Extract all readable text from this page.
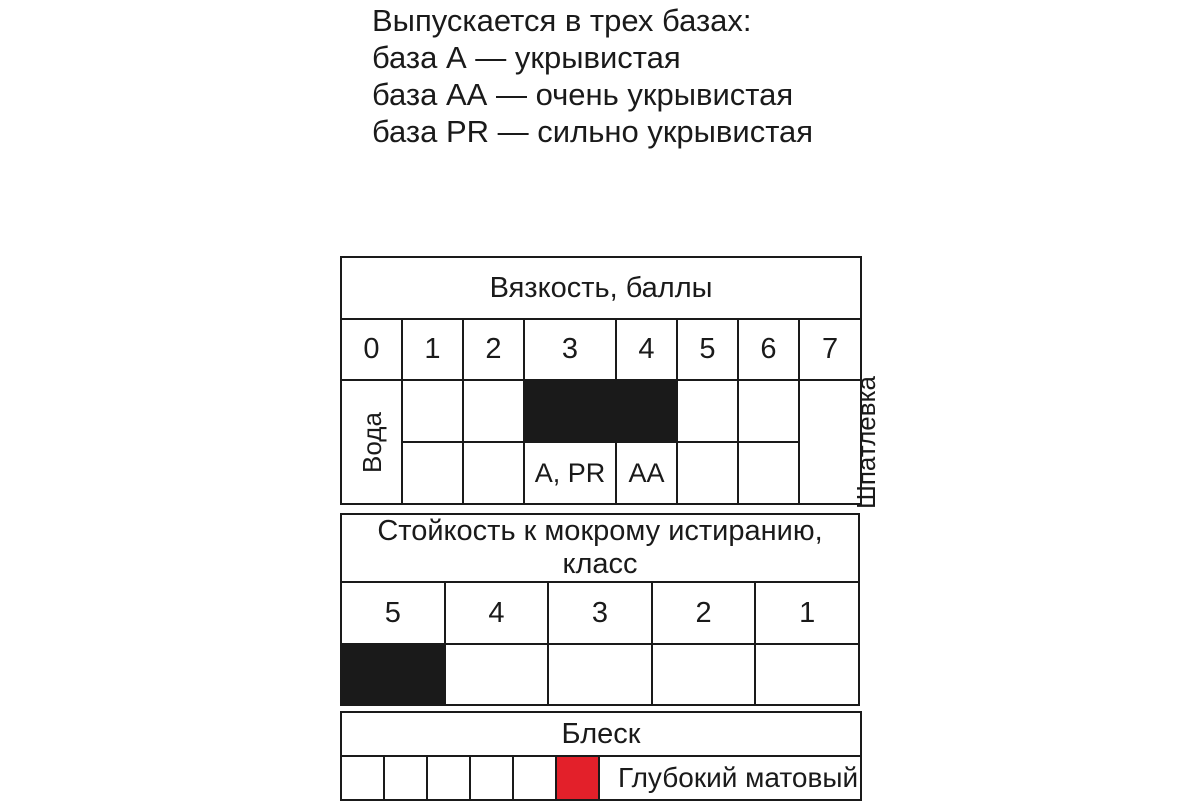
Выпускается в трех базах:
база А — укрывистая
база АА — очень укрывистая
база PR — сильно укрывистая
Вязкость, баллы							
0	1	2	3	4	5	6	7
Вода							Шпатлевка
			А, PR	АА			
Стойкость к мокрому истиранию, класс				
5	4	3	2	1

Блеск
						Глубокий матовый
